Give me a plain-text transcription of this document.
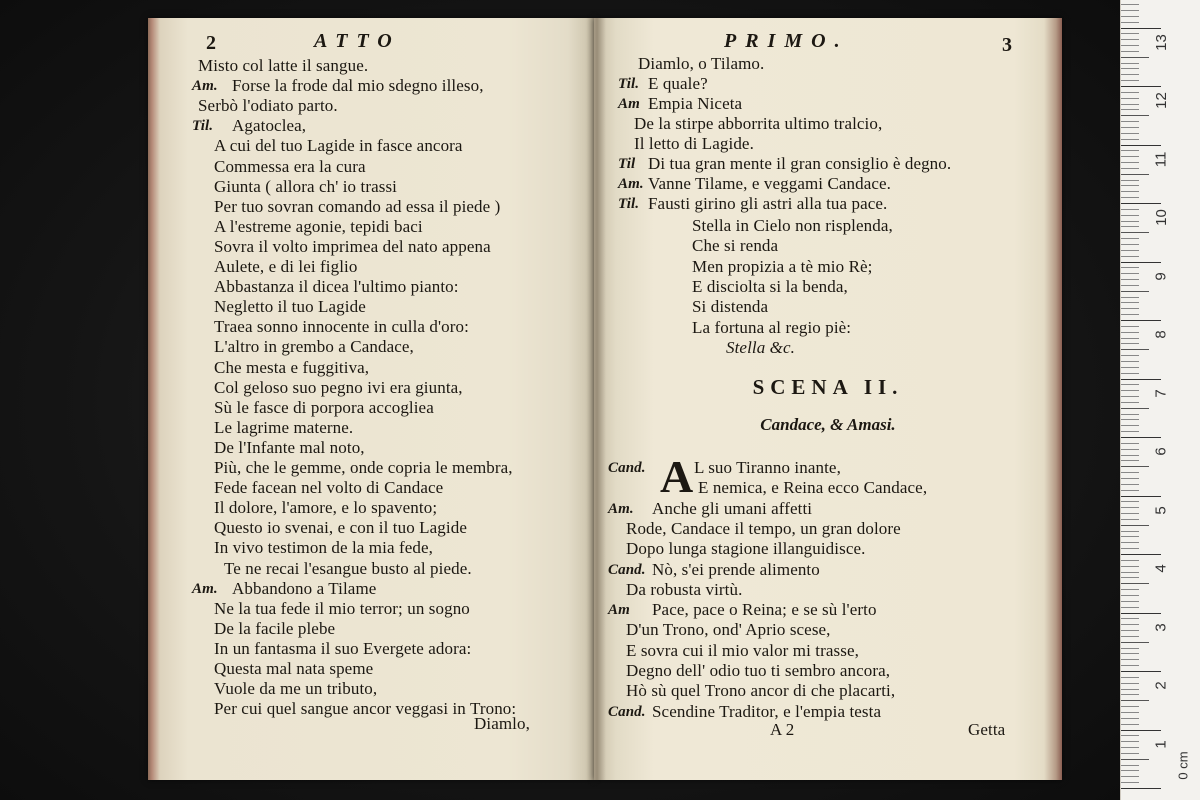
2	ATTO
Misto col latte il sangue.
Am. Forse la frode dal mio sdegno illeso,
Serbò l'odiato parto.
Til. Agatoclea,
A cui del tuo Lagide in fasce ancora
Commessa era la cura
Giunta ( allora ch' io trassi
Per tuo sovran comando ad essa il piede )
A l'estreme agonie, tepidi baci
Sovra il volto imprimea del nato appena
Aulete, e di lei figlio
Abbastanza il dicea l'ultimo pianto:
Negletto il tuo Lagide
Traea sonno innocente in culla d'oro:
L'altro in grembo a Candace,
Che mesta e fuggitiva,
Col geloso suo pegno ivi era giunta,
Sù le fasce di porpora accogliea
Le lagrime materne.
De l'Infante mal noto,
Più, che le gemme, onde copria le membra,
Fede facean nel volto di Candace
Il dolore, l'amore, e lo spavento;
Questo io svenai, e con il tuo Lagide
In vivo testimon de la mia fede,
Te ne recai l'esangue busto al piede.
Am. Abbandono a Tilame
Ne la tua fede il mio terror; un sogno
De la facile plebe
In un fantasma il suo Evergete adora:
Questa mal nata speme
Vuole da me un tributo,
Per cui quel sangue ancor veggasi in Trono:
Diamlo,
PRIMO.	3
Diamlo, o Tilamo.
Til. E quale?
Am Empia Niceta
De la stirpe abborrita ultimo tralcio,
Il letto di Lagide.
Til Di tua gran mente il gran consiglio è degno.
Am. Vanne Tilame, e veggami Candace.
Til. Fausti girino gli astri alla tua pace.
Stella in Cielo non risplenda,
Che si renda
Men propizia a tè mio Rè;
E disciolta si la benda,
Si distenda
La fortuna al regio piè:
Stella &c.
SCENA II.
Candace, & Amasi.
A
Cand.	L suo Tiranno inante,
E nemica, e Reina ecco Candace,
Am. Anche gli umani affetti
Rode, Candace il tempo, un gran dolore
Dopo lunga stagione illanguidisce.
Cand. Nò, s'ei prende alimento
Da robusta virtù.
Am Pace, pace o Reina; e se sù l'erto
D'un Trono, ond' Aprio scese,
E sovra cui il mio valor mi trasse,
Degno dell' odio tuo ti sembro ancora,
Hò sù quel Trono ancor di che placarti,
Cand. Scendine Traditor, e l'empia testa
A 2	Getta
0 cm
1
2
3
4
5
6
7
8
9
10
11
12
13
